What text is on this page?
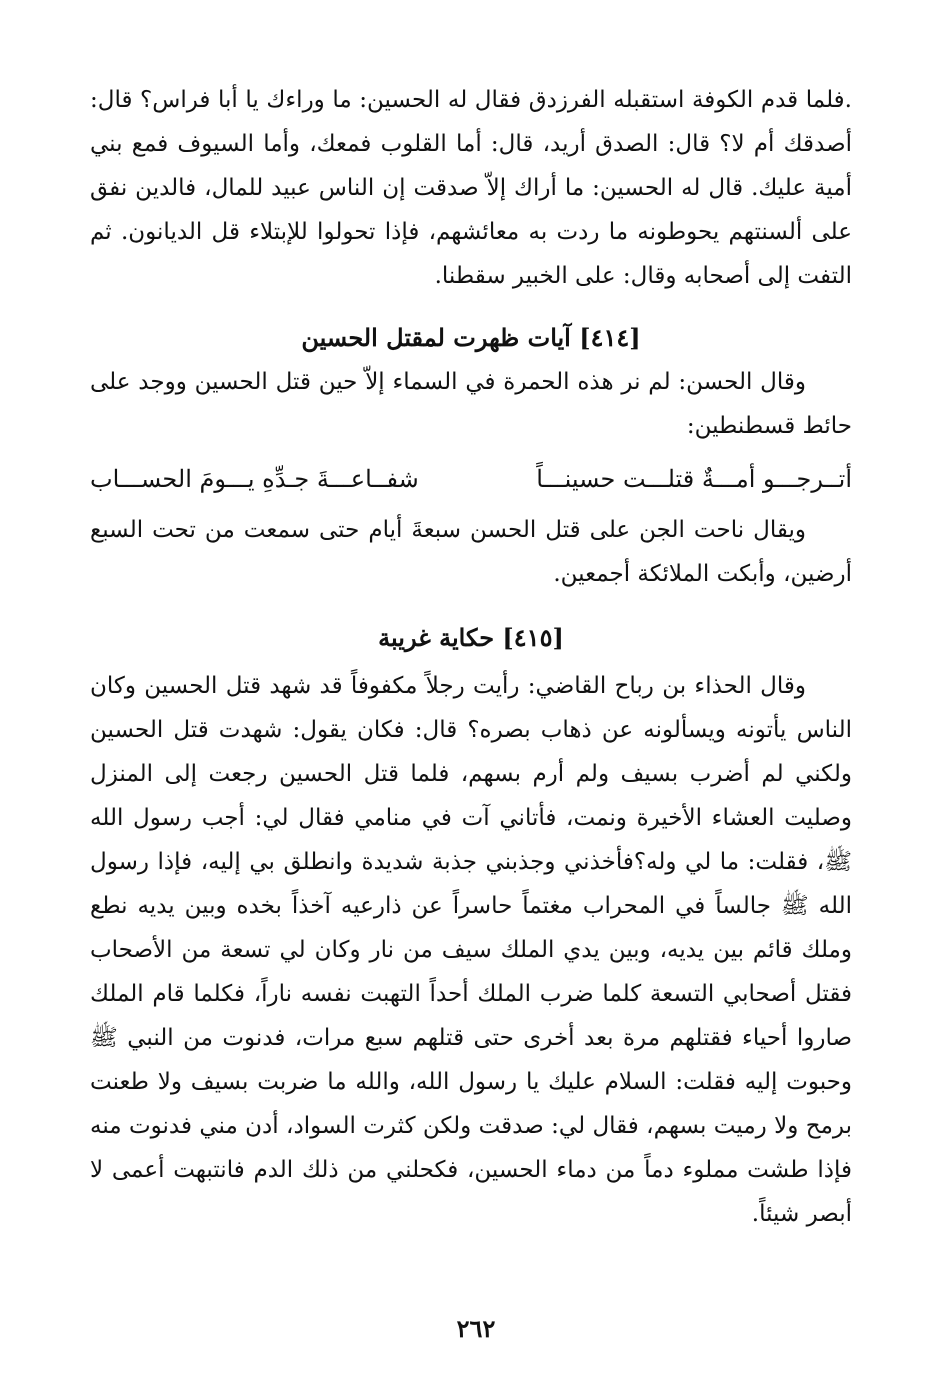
.فلما قدم الكوفة استقبله الفرزدق فقال له الحسين: ما وراءك يا أبا فراس؟ قال: أصدقك أم لا؟ قال: الصدق أريد، قال: أما القلوب فمعك، وأما السيوف فمع بني أمية عليك. قال له الحسين: ما أراك إلاّ صدقت إن الناس عبيد للمال، فالدين نفق على ألسنتهم يحوطونه ما ردت به معائشهم، فإذا تحولوا للإبتلاء قل الديانون. ثم التفت إلى أصحابه وقال: على الخبير سقطنا.

[٤١٤] آيات ظهرت لمقتل الحسين

وقال الحسن: لم نر هذه الحمرة في السماء إلاّ حين قتل الحسين ووجد على حائط قسطنطين:

أتــرجـــو أمـــةٌ قتلـــت حسينـــاً
شفــاعـــةَ جـدِّهِ يـــومَ الحســـاب

ويقال ناحت الجن على قتل الحسن سبعةَ أيام حتى سمعت من تحت السبع أرضين، وأبكت الملائكة أجمعين.

[٤١٥] حكاية غريبة

وقال الحذاء بن رباح القاضي: رأيت رجلاً مكفوفاً قد شهد قتل الحسين وكان الناس يأتونه ويسألونه عن ذهاب بصره؟ قال: فكان يقول: شهدت قتل الحسين ولكني لم أضرب بسيف ولم أرم بسهم، فلما قتل الحسين رجعت إلى المنزل وصليت العشاء الأخيرة ونمت، فأتاني آت في منامي فقال لي: أجب رسول الله ﷺ، فقلت: ما لي وله؟فأخذني وجذبني جذبة شديدة وانطلق بي إليه، فإذا رسول الله ﷺ جالساً في المحراب مغتماً حاسراً عن ذارعيه آخذاً بخده وبين يديه نطع وملك قائم بين يديه، وبين يدي الملك سيف من نار وكان لي تسعة من الأصحاب فقتل أصحابي التسعة كلما ضرب الملك أحداً التهبت نفسه ناراً، فكلما قام الملك صاروا أحياء فقتلهم مرة بعد أخرى حتى قتلهم سبع مرات، فدنوت من النبي ﷺ وحبوت إليه فقلت: السلام عليك يا رسول الله، والله ما ضربت بسيف ولا طعنت برمح ولا رميت بسهم، فقال لي: صدقت ولكن كثرت السواد، أدن مني فدنوت منه فإذا طشت مملوء دماً من دماء الحسين، فكحلني من ذلك الدم فانتبهت أعمى لا أبصر شيئاً.

٢٦٢
